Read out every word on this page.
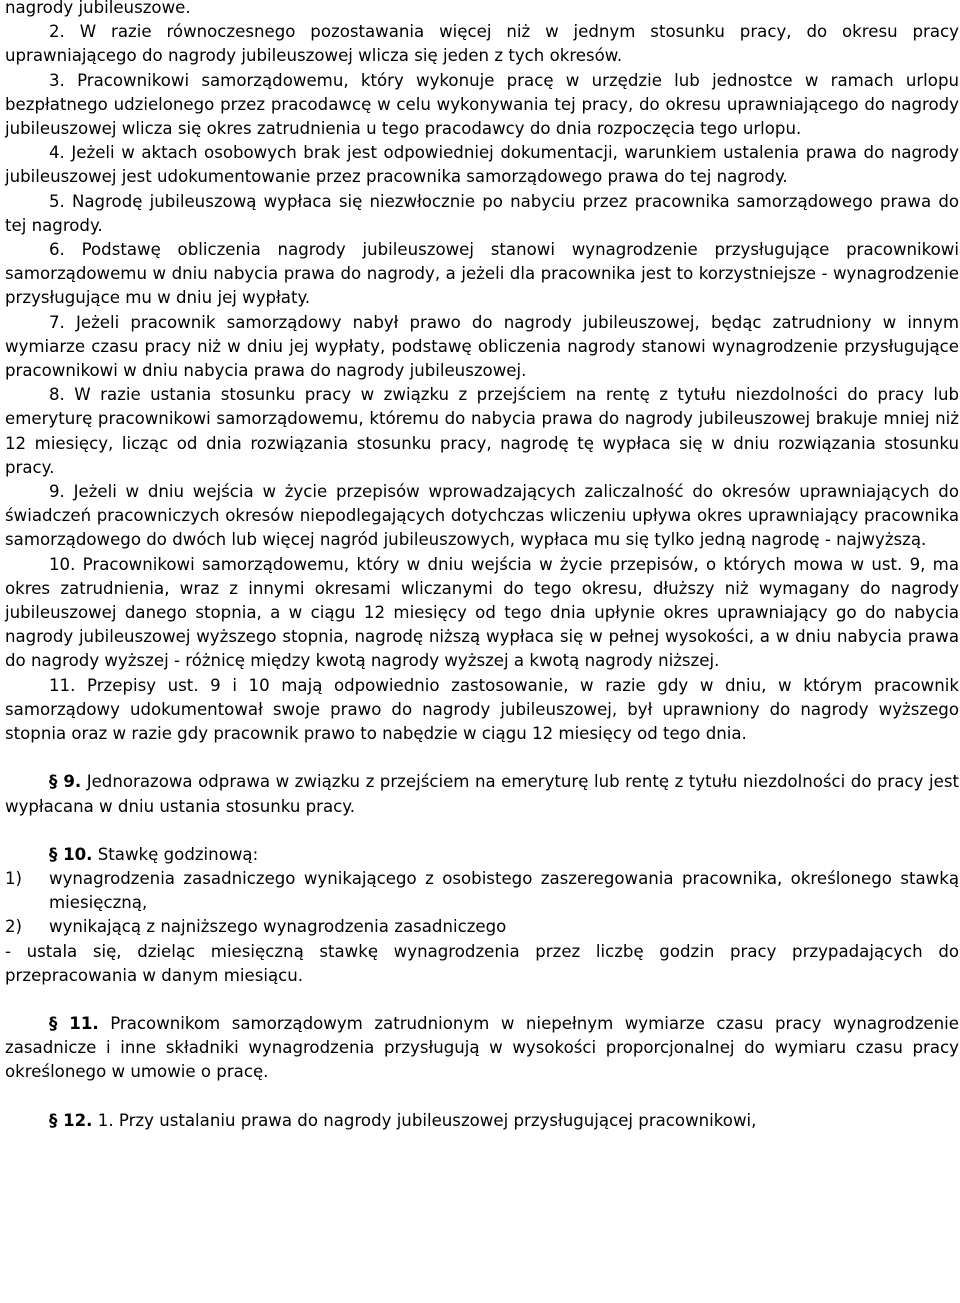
nagrody jubileuszowe.

2. W razie równoczesnego pozostawania więcej niż w jednym stosunku pracy, do okresu pracy uprawniającego do nagrody jubileuszowej wlicza się jeden z tych okresów.

3. Pracownikowi samorządowemu, który wykonuje pracę w urzędzie lub jednostce w ramach urlopu bezpłatnego udzielonego przez pracodawcę w celu wykonywania tej pracy, do okresu uprawniającego do nagrody jubileuszowej wlicza się okres zatrudnienia u tego pracodawcy do dnia rozpoczęcia tego urlopu.

4. Jeżeli w aktach osobowych brak jest odpowiedniej dokumentacji, warunkiem ustalenia prawa do nagrody jubileuszowej jest udokumentowanie przez pracownika samorządowego prawa do tej nagrody.

5. Nagrodę jubileuszową wypłaca się niezwłocznie po nabyciu przez pracownika samorządowego prawa do tej nagrody.

6. Podstawę obliczenia nagrody jubileuszowej stanowi wynagrodzenie przysługujące pracownikowi samorządowemu w dniu nabycia prawa do nagrody, a jeżeli dla pracownika jest to korzystniejsze - wynagrodzenie przysługujące mu w dniu jej wypłaty.

7. Jeżeli pracownik samorządowy nabył prawo do nagrody jubileuszowej, będąc zatrudniony w innym wymiarze czasu pracy niż w dniu jej wypłaty, podstawę obliczenia nagrody stanowi wynagrodzenie przysługujące pracownikowi w dniu nabycia prawa do nagrody jubileuszowej.

8. W razie ustania stosunku pracy w związku z przejściem na rentę z tytułu niezdolności do pracy lub emeryturę pracownikowi samorządowemu, któremu do nabycia prawa do nagrody jubileuszowej brakuje mniej niż 12 miesięcy, licząc od dnia rozwiązania stosunku pracy, nagrodę tę wypłaca się w dniu rozwiązania stosunku pracy.

9. Jeżeli w dniu wejścia w życie przepisów wprowadzających zaliczalność do okresów uprawniających do świadczeń pracowniczych okresów niepodlegających dotychczas wliczeniu upływa okres uprawniający pracownika samorządowego do dwóch lub więcej nagród jubileuszowych, wypłaca mu się tylko jedną nagrodę - najwyższą.

10. Pracownikowi samorządowemu, który w dniu wejścia w życie przepisów, o których mowa w ust. 9, ma okres zatrudnienia, wraz z innymi okresami wliczanymi do tego okresu, dłuższy niż wymagany do nagrody jubileuszowej danego stopnia, a w ciągu 12 miesięcy od tego dnia upłynie okres uprawniający go do nabycia nagrody jubileuszowej wyższego stopnia, nagrodę niższą wypłaca się w pełnej wysokości, a w dniu nabycia prawa do nagrody wyższej - różnicę między kwotą nagrody wyższej a kwotą nagrody niższej.

11. Przepisy ust. 9 i 10 mają odpowiednio zastosowanie, w razie gdy w dniu, w którym pracownik samorządowy udokumentował swoje prawo do nagrody jubileuszowej, był uprawniony do nagrody wyższego stopnia oraz w razie gdy pracownik prawo to nabędzie w ciągu 12 miesięcy od tego dnia.

§ 9. Jednorazowa odprawa w związku z przejściem na emeryturę lub rentę z tytułu niezdolności do pracy jest wypłacana w dniu ustania stosunku pracy.

§ 10. Stawkę godzinową:

1) wynagrodzenia zasadniczego wynikającego z osobistego zaszeregowania pracownika, określonego stawką miesięczną,

2) wynikającą z najniższego wynagrodzenia zasadniczego

- ustala się, dzieląc miesięczną stawkę wynagrodzenia przez liczbę godzin pracy przypadających do przepracowania w danym miesiącu.

§ 11. Pracownikom samorządowym zatrudnionym w niepełnym wymiarze czasu pracy wynagrodzenie zasadnicze i inne składniki wynagrodzenia przysługują w wysokości proporcjonalnej do wymiaru czasu pracy określonego w umowie o pracę.

§ 12. 1. Przy ustalaniu prawa do nagrody jubileuszowej przysługującej pracownikowi,
